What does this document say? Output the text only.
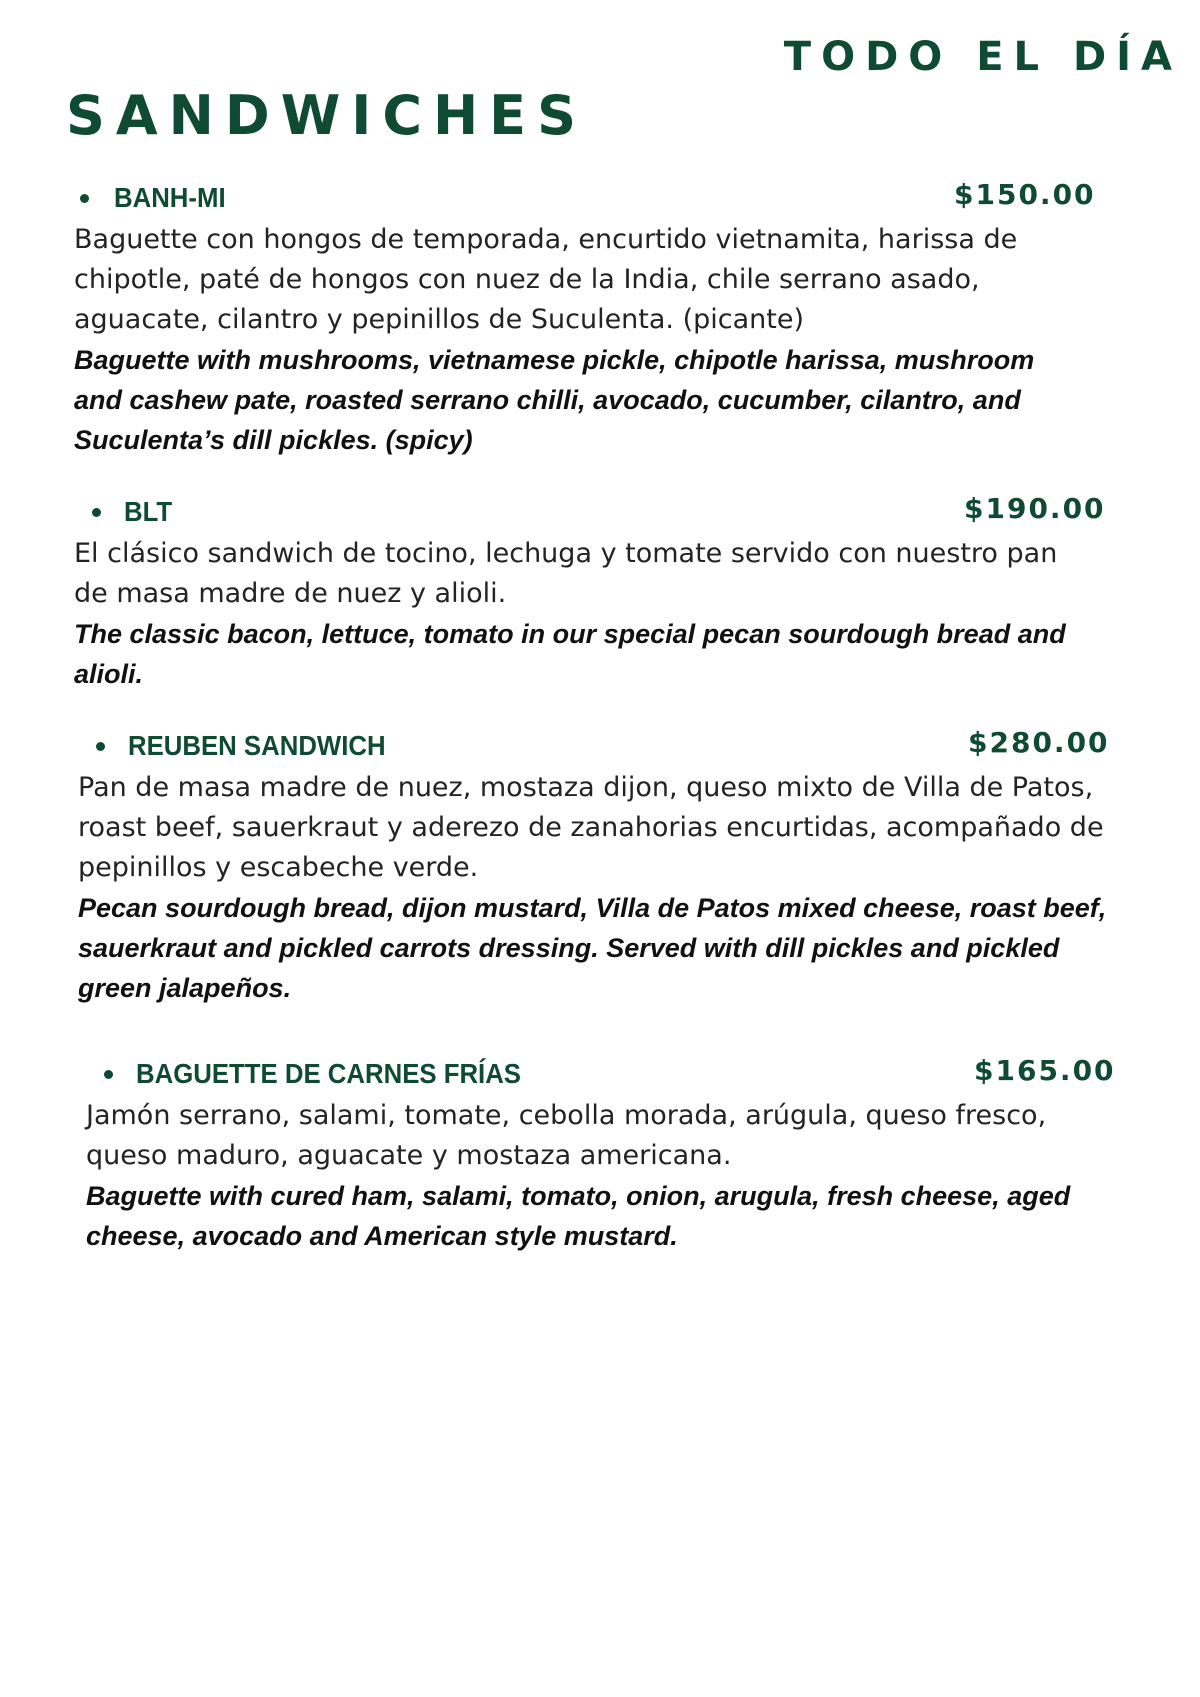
TODO EL DÍA
SANDWICHES
BANH-MI	$150.00

Baguette con hongos de temporada, encurtido vietnamita, harissa de chipotle, paté de hongos con nuez de la India, chile serrano asado, aguacate, cilantro y pepinillos de Suculenta. (picante)

Baguette with mushrooms, vietnamese pickle, chipotle harissa, mushroom and cashew pate, roasted serrano chilli, avocado, cucumber, cilantro, and Suculenta’s dill pickles. (spicy)

BLT	$190.00

El clásico sandwich de tocino, lechuga y tomate servido con nuestro pan de masa madre de nuez y alioli.

The classic bacon, lettuce, tomato in our special pecan sourdough bread and alioli.

REUBEN SANDWICH	$280.00

Pan de masa madre de nuez, mostaza dijon, queso mixto de Villa de Patos, roast beef, sauerkraut y aderezo de zanahorias encurtidas, acompañado de pepinillos y escabeche verde.

Pecan sourdough bread, dijon mustard, Villa de Patos mixed cheese, roast beef, sauerkraut and pickled carrots dressing. Served with dill pickles and pickled green jalapeños.

BAGUETTE DE CARNES FRÍAS	$165.00

Jamón serrano, salami, tomate, cebolla morada, arúgula, queso fresco, queso maduro, aguacate y mostaza americana.

Baguette with cured ham, salami, tomato, onion, arugula, fresh cheese, aged cheese, avocado and American style mustard.
